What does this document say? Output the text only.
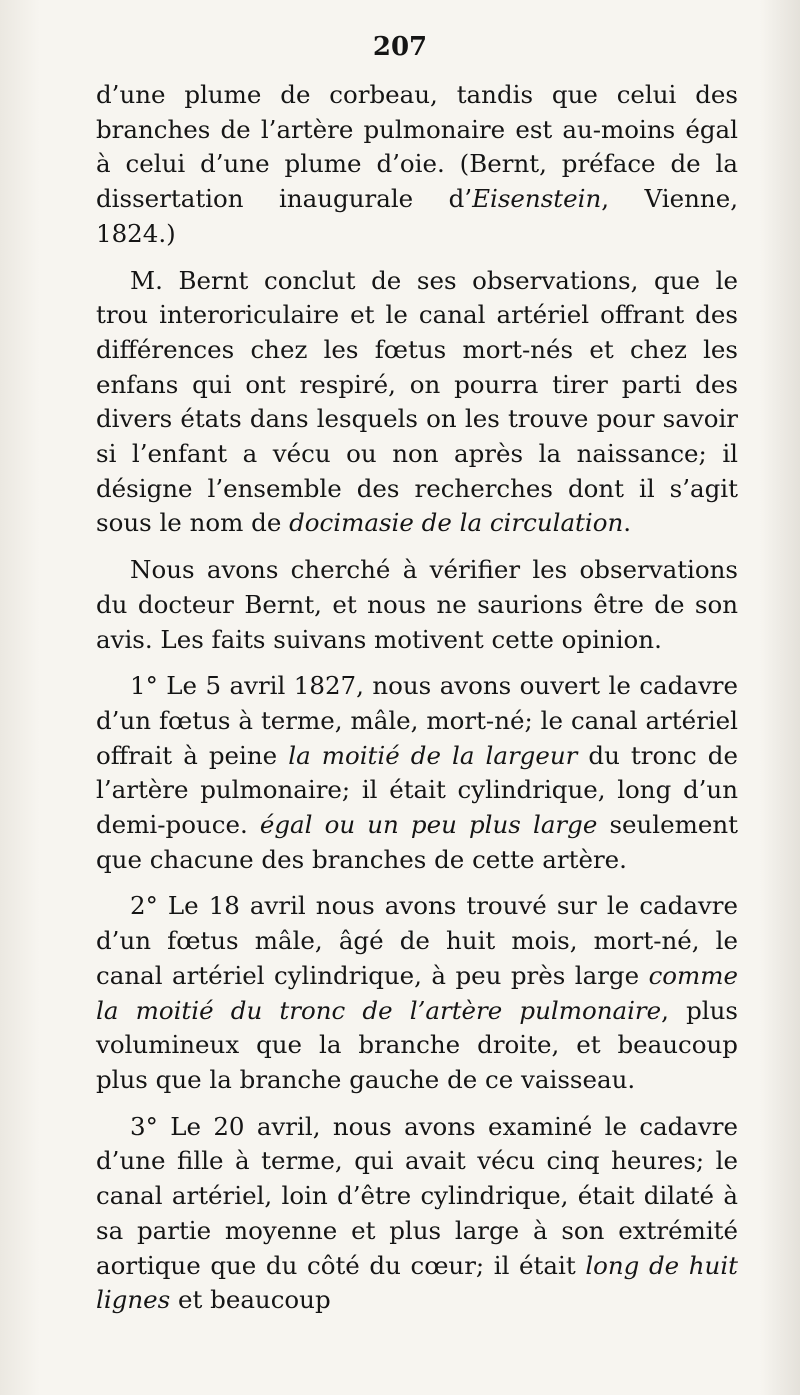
207

d’une plume de corbeau, tandis que celui des branches de l’artère pulmonaire est au-moins égal à celui d’une plume d’oie. (Bernt, préface de la dissertation inaugurale d’Eisenstein, Vienne, 1824.)

M. Bernt conclut de ses observations, que le trou interoriculaire et le canal artériel offrant des différences chez les fœtus mort-nés et chez les enfans qui ont respiré, on pourra tirer parti des divers états dans lesquels on les trouve pour savoir si l’enfant a vécu ou non après la naissance; il désigne l’ensemble des recherches dont il s’agit sous le nom de docimasie de la circulation.

Nous avons cherché à vérifier les observations du docteur Bernt, et nous ne saurions être de son avis. Les faits suivans motivent cette opinion.

1° Le 5 avril 1827, nous avons ouvert le cadavre d’un fœtus à terme, mâle, mort-né; le canal artériel offrait à peine la moitié de la largeur du tronc de l’artère pulmonaire; il était cylindrique, long d’un demi-pouce. égal ou un peu plus large seulement que chacune des branches de cette artère.

2° Le 18 avril nous avons trouvé sur le cadavre d’un fœtus mâle, âgé de huit mois, mort-né, le canal artériel cylindrique, à peu près large comme la moitié du tronc de l’artère pulmonaire, plus volumineux que la branche droite, et beaucoup plus que la branche gauche de ce vaisseau.

3° Le 20 avril, nous avons examiné le cadavre d’une fille à terme, qui avait vécu cinq heures; le canal artériel, loin d’être cylindrique, était dilaté à sa partie moyenne et plus large à son extrémité aortique que du côté du cœur; il était long de huit lignes et beaucoup
